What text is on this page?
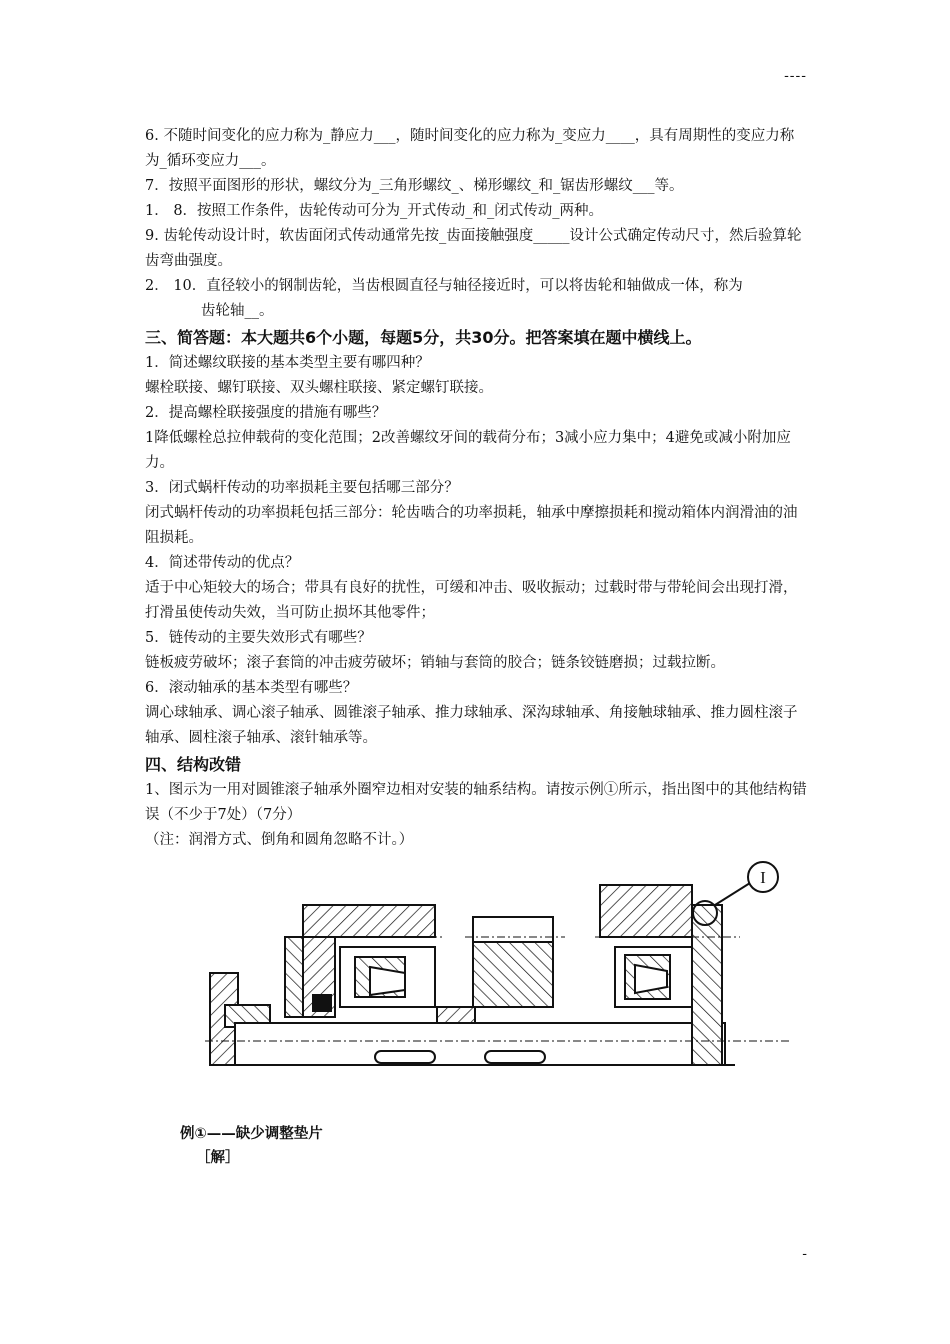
----

6. 不随时间变化的应力称为_静应力___，随时间变化的应力称为_变应力____，具有周期性的变应力称为_循环变应力___。

7．按照平面图形的形状，螺纹分为_三角形螺纹_、梯形螺纹_和_锯齿形螺纹___等。

1． 8．按照工作条件，齿轮传动可分为_开式传动_和_闭式传动_两种。

9. 齿轮传动设计时，软齿面闭式传动通常先按_齿面接触强度_____设计公式确定传动尺寸，然后验算轮齿弯曲强度。

2． 10．直径较小的钢制齿轮，当齿根圆直径与轴径接近时，可以将齿轮和轴做成一体，称为

齿轮轴__。

三、简答题：本大题共6个小题，每题5分，共30分。把答案填在题中横线上。

1．简述螺纹联接的基本类型主要有哪四种？

螺栓联接、螺钉联接、双头螺柱联接、紧定螺钉联接。

2．提高螺栓联接强度的措施有哪些？

1降低螺栓总拉伸载荷的变化范围；2改善螺纹牙间的载荷分布；3减小应力集中；4避免或减小附加应力。

3．闭式蜗杆传动的功率损耗主要包括哪三部分？

闭式蜗杆传动的功率损耗包括三部分：轮齿啮合的功率损耗，轴承中摩擦损耗和搅动箱体内润滑油的油阻损耗。

4．简述带传动的优点？

适于中心矩较大的场合；带具有良好的扰性，可缓和冲击、吸收振动；过载时带与带轮间会出现打滑，打滑虽使传动失效，当可防止损坏其他零件；

5．链传动的主要失效形式有哪些？

链板疲劳破坏；滚子套筒的冲击疲劳破坏；销轴与套筒的胶合；链条铰链磨损；过载拉断。

6．滚动轴承的基本类型有哪些？

调心球轴承、调心滚子轴承、圆锥滚子轴承、推力球轴承、深沟球轴承、角接触球轴承、推力圆柱滚子轴承、圆柱滚子轴承、滚针轴承等。

四、结构改错

1、图示为一用对圆锥滚子轴承外圈窄边相对安装的轴系结构。请按示例①所示，指出图中的其他结构错误（不少于7处）（7分）

（注：润滑方式、倒角和圆角忽略不计。）

I
例①——缺少调整垫片
［解］
-
